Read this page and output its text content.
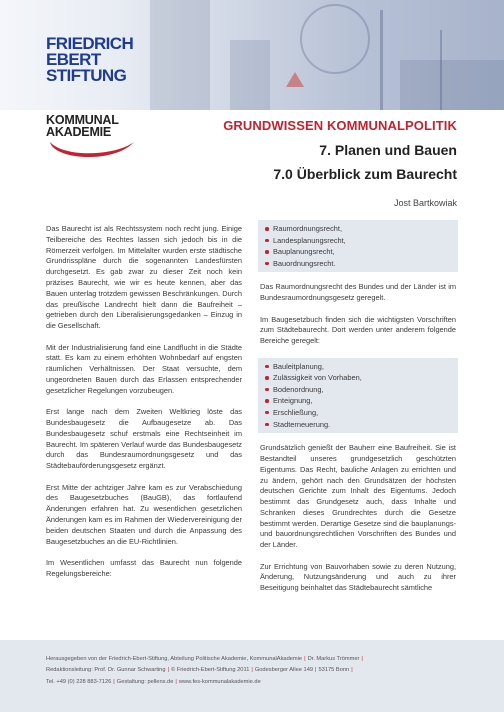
FRIEDRICH
EBERT
STIFTUNG
KOMMUNAL
AKADEMIE	GRUNDWISSEN KOMMUNALPOLITIK
7. Planen und Bauen
7.0 Überblick zum Baurecht
Jost Bartkowiak

Das Baurecht ist als Rechtssystem noch recht jung. Einige Teilbereiche des Rechtes lassen sich jedoch bis in die Römerzeit verfolgen. Im Mittelalter wurden erste städtische Grundrisspläne durch die sogenannten Landesfürsten durchgesetzt. Es gab zwar zu dieser Zeit noch kein präzises Baurecht, wie wir es heute kennen, aber das Bauen unterlag trotzdem gewissen Beschränkungen. Durch das preußische Landrecht hielt dann die Baufreiheit – getrieben durch den Liberalisierungsgedanken – Einzug in die Gesellschaft.

Mit der Industrialisierung fand eine Landflucht in die Städte statt. Es kam zu einem erhöhten Wohnbedarf auf engsten räumlichen Verhältnissen. Der Staat versuchte, dem ungeordneten Bauen durch das Erlassen entsprechender gesetzlicher Regelungen vorzubeugen.

Erst lange nach dem Zweiten Weltkrieg löste das Bundesbaugesetz die Aufbaugesetze ab. Das Bundesbaugesetz schuf erstmals eine Rechtseinheit im Baurecht. Im späteren Verlauf wurde das Bundesbaugesetz durch das Bundesraumordnungsgesetz und das Städtebauförderungsgesetz ergänzt.

Erst Mitte der achtziger Jahre kam es zur Verabschiedung des Baugesetzbuches (BauGB), das fortlaufend Änderungen erfahren hat. Zu wesentlichen gesetzlichen Änderungen kam es im Rahmen der Wiedervereinigung der beiden deutschen Staaten und durch die Anpassung des Baugesetzbuches an die EU-Richtlinien.

Im Wesentlichen umfasst das Baurecht nun folgende Regelungsbereiche:

Raumordnungsrecht,
Landesplanungsrecht,
Bauplanungsrecht,
Bauordnungsrecht.

Das Raumordnungsrecht des Bundes und der Länder ist im Bundesraumordnungsgesetz geregelt.

Im Baugesetzbuch finden sich die wichtigsten Vorschriften zum Städtebaurecht. Dort werden unter anderem folgende Bereiche geregelt:

Bauleitplanung,
Zulässigkeit von Vorhaben,
Bodenordnung,
Enteignung,
Erschließung,
Stadterneuerung.

Grundsätzlich genießt der Bauherr eine Baufreiheit. Sie ist Bestandteil unseres grundgesetzlich geschützten Eigentums. Das Recht, bauliche Anlagen zu errichten und zu ändern, gehört nach den Grundsätzen der höchsten deutschen Gerichte zum Inhalt des Eigentums. Jedoch bestimmt das Grundgesetz auch, dass Inhalte und Schranken dieses Grundrechtes durch die Gesetze bestimmt werden. Derartige Gesetze sind die bauplanungs- und bauordnungsrechtlichen Vorschriften des Bundes und der Länder.

Zur Errichtung von Bauvorhaben sowie zu deren Nutzung, Änderung, Nutzungsänderung und auch zu ihrer Beseitigung beinhaltet das Städtebaurecht sämtliche

Herausgegeben von der Friedrich-Ebert-Stiftung, Abteilung Politische Akademie, KommunalAkademie | Dr. Markus Trömmer |
Redaktionsleitung: Prof. Dr. Gunnar Schwarting | © Friedrich-Ebert-Stiftung 2011 | Godesberger Allee 149 | 53175 Bonn |
Tel. +49 (0) 228 883-7126 | Gestaltung: pellens.de | www.fes-kommunalakademie.de
